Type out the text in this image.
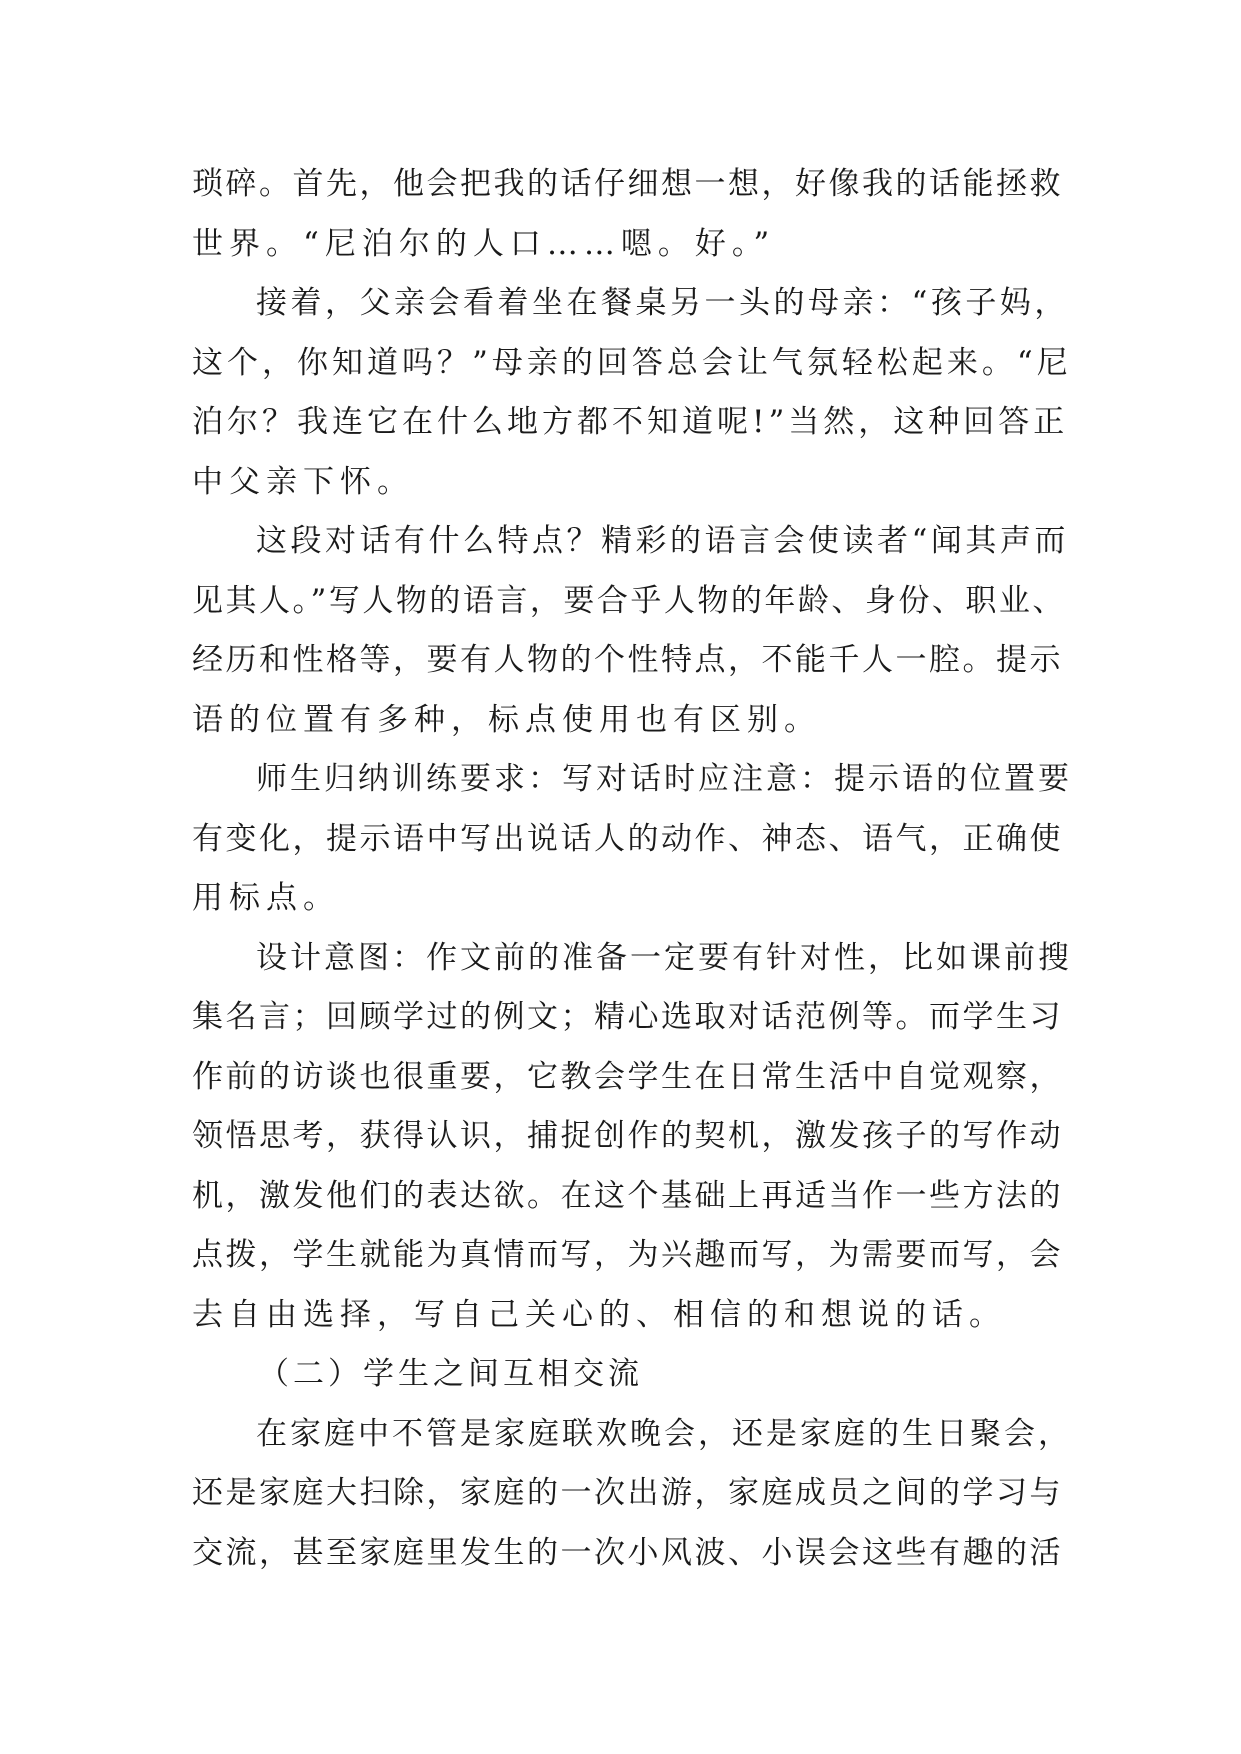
琐碎。首先，他会把我的话仔细想一想，好像我的话能拯救
世界。“尼泊尔的人口……嗯。好。”
接着，父亲会看着坐在餐桌另一头的母亲：“孩子妈，
这个，你知道吗？”母亲的回答总会让气氛轻松起来。“尼
泊尔？我连它在什么地方都不知道呢!”当然，这种回答正
中父亲下怀。
这段对话有什么特点？精彩的语言会使读者“闻其声而
见其人。”写人物的语言，要合乎人物的年龄、身份、职业、
经历和性格等，要有人物的个性特点，不能千人一腔。提示
语的位置有多种，标点使用也有区别。
师生归纳训练要求：写对话时应注意：提示语的位置要
有变化，提示语中写出说话人的动作、神态、语气，正确使
用标点。
设计意图：作文前的准备一定要有针对性，比如课前搜
集名言；回顾学过的例文；精心选取对话范例等。而学生习
作前的访谈也很重要，它教会学生在日常生活中自觉观察，
领悟思考，获得认识，捕捉创作的契机，激发孩子的写作动
机，激发他们的表达欲。在这个基础上再适当作一些方法的
点拨，学生就能为真情而写，为兴趣而写，为需要而写，会
去自由选择，写自己关心的、相信的和想说的话。
（二）学生之间互相交流
在家庭中不管是家庭联欢晚会，还是家庭的生日聚会，
还是家庭大扫除，家庭的一次出游，家庭成员之间的学习与
交流，甚至家庭里发生的一次小风波、小误会这些有趣的活
